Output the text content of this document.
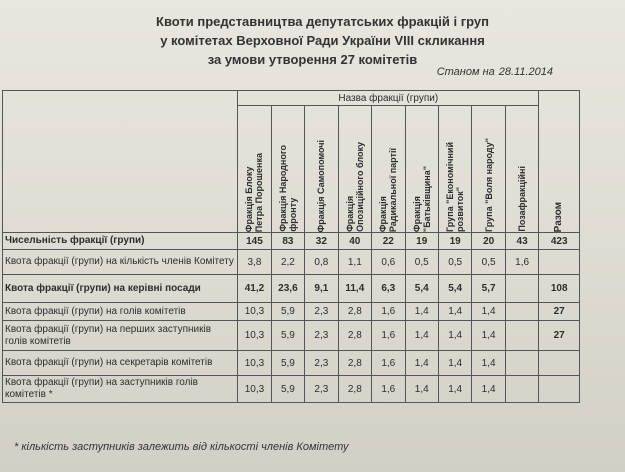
Квоти представництва депутатських фракцій і груп
у комітетах Верховної Ради України VIII скликання
за умови утворення 27 комітетів
Станом на 28.11.2014
	Назва фракції (групи)									Разом

	Фракція Блоку
Петра Порошенка	Фракція Народного
фронту	Фракція Самопомочі	Фракція
Опозиційного блоку	Фракція
Радикальної партії	Фракція
"Батьківщина"	Група "Економічний
розвиток"	Група "Воля народу"	Позафракційні	

Чисельність фракції (групи)	145	83	32	40	22	19	19	20	43	423
Квота фракції (групи) на кількість членів Комітету	3,8	2,2	0,8	1,1	0,6	0,5	0,5	0,5	1,6	
Квота фракції (групи) на керівні посади	41,2	23,6	9,1	11,4	6,3	5,4	5,4	5,7		108
Квота фракції (групи) на голів комітетів	10,3	5,9	2,3	2,8	1,6	1,4	1,4	1,4		27
Квота фракції (групи) на перших заступників голів комітетів	10,3	5,9	2,3	2,8	1,6	1,4	1,4	1,4		27
Квота фракції (групи) на секретарів комітетів	10,3	5,9	2,3	2,8	1,6	1,4	1,4	1,4		
Квота фракції (групи) на заступників голів комітетів *	10,3	5,9	2,3	2,8	1,6	1,4	1,4	1,4		
* кількість заступників залежить від кількості членів Комітету
